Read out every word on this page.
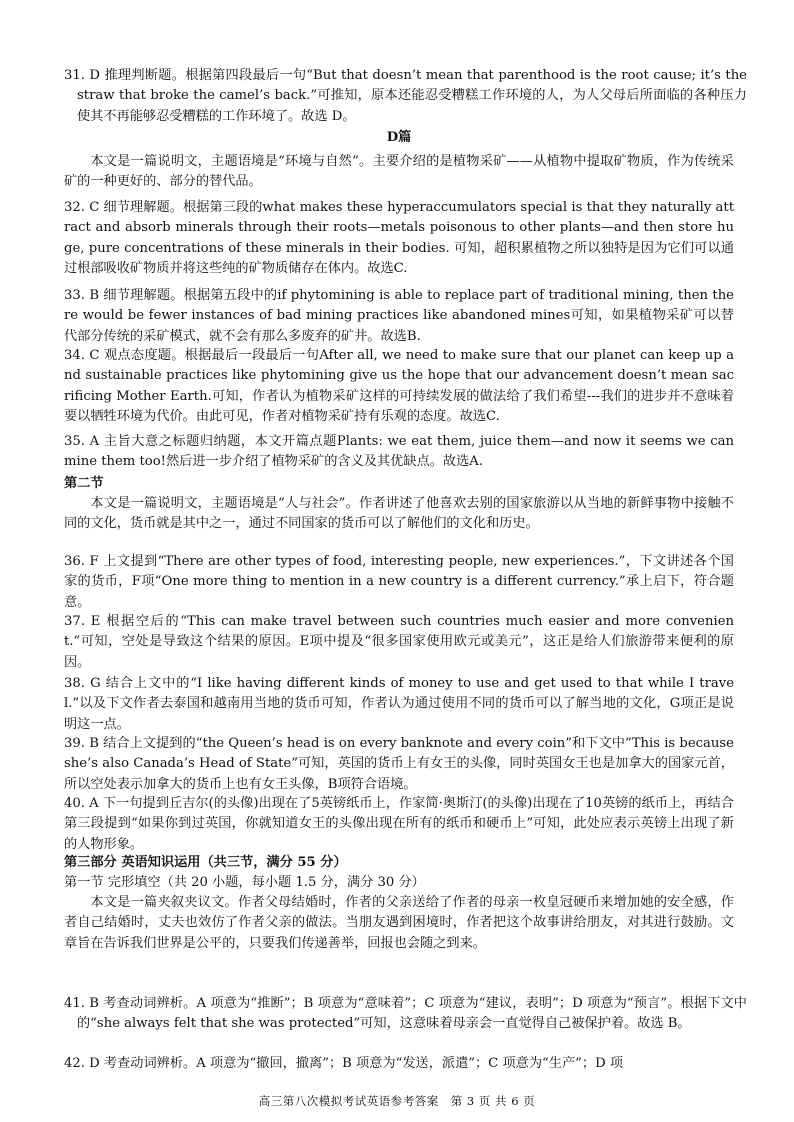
31. D 推理判断题。根据第四段最后一句“But that doesn’t mean that parenthood is the root cause; it’s the straw that broke the camel’s back.”可推知，原本还能忍受糟糕工作环境的人，为人父母后所面临的各种压力使其不再能够忍受糟糕的工作环境了。故选 D。

D篇

本文是一篇说明文，主题语境是“环境与自然”。主要介绍的是植物采矿——从植物中提取矿物质，作为传统采矿的一种更好的、部分的替代品。

32. C 细节理解题。根据第三段的what makes these hyperaccumulators special is that they naturally attract and absorb minerals through their roots—metals poisonous to other plants—and then store huge, pure concentrations of these minerals in their bodies. 可知，超积累植物之所以独特是因为它们可以通过根部吸收矿物质并将这些纯的矿物质储存在体内。故选C.

33. B 细节理解题。根据第五段中的if phytomining is able to replace part of traditional mining, then there would be fewer instances of bad mining practices like abandoned mines可知，如果植物采矿可以替代部分传统的采矿模式，就不会有那么多废弃的矿井。故选B.

34. C 观点态度题。根据最后一段最后一句After all, we need to make sure that our planet can keep up and sustainable practices like phytomining give us the hope that our advancement doesn’t mean sacrificing Mother Earth.可知，作者认为植物采矿这样的可持续发展的做法给了我们希望---我们的进步并不意味着要以牺牲环境为代价。由此可见，作者对植物采矿持有乐观的态度。故选C.

35. A 主旨大意之标题归纳题，本文开篇点题Plants: we eat them, juice them—and now it seems we can mine them too!然后进一步介绍了植物采矿的含义及其优缺点。故选A.

第二节

本文是一篇说明文，主题语境是“人与社会”。作者讲述了他喜欢去别的国家旅游以从当地的新鲜事物中接触不同的文化，货币就是其中之一，通过不同国家的货币可以了解他们的文化和历史。

36. F 上文提到“There are other types of food, interesting people, new experiences.”，下文讲述各个国家的货币，F项“One more thing to mention in a new country is a different currency.”承上启下，符合题意。

37. E 根据空后的“This can make travel between such countries much easier and more convenient.”可知，空处是导致这个结果的原因。E项中提及“很多国家使用欧元或美元”，这正是给人们旅游带来便利的原因。

38. G 结合上文中的“I like having different kinds of money to use and get used to that while I travel.”以及下文作者去泰国和越南用当地的货币可知，作者认为通过使用不同的货币可以了解当地的文化，G项正是说明这一点。

39. B 结合上文提到的“the Queen’s head is on every banknote and every coin”和下文中“This is because she’s also Canada’s Head of State”可知，英国的货币上有女王的头像，同时英国女王也是加拿大的国家元首，所以空处表示加拿大的货币上也有女王头像，B项符合语境。

40. A 下一句提到丘吉尔(的头像)出现在了5英镑纸币上，作家简·奥斯汀(的头像)出现在了10英镑的纸币上，再结合第三段提到“如果你到过英国，你就知道女王的头像出现在所有的纸币和硬币上”可知，此处应表示英镑上出现了新的人物形象。

第三部分 英语知识运用（共三节，满分 55 分）

第一节 完形填空（共 20 小题，每小题 1.5 分，满分 30 分）

本文是一篇夹叙夹议文。作者父母结婚时，作者的父亲送给了作者的母亲一枚皇冠硬币来增加她的安全感，作者自己结婚时，丈夫也效仿了作者父亲的做法。当朋友遇到困境时，作者把这个故事讲给朋友，对其进行鼓励。文章旨在告诉我们世界是公平的，只要我们传递善举，回报也会随之到来。

41. B 考查动词辨析。A 项意为“推断”；B 项意为“意味着”；C 项意为“建议，表明”；D 项意为“预言”。根据下文中的“she always felt that she was protected”可知，这意味着母亲会一直觉得自己被保护着。故选 B。

42. D 考查动词辨析。A 项意为“撤回，撤离”；B 项意为“发送，派遣”；C 项意为“生产”；D 项

高三第八次模拟考试英语参考答案　第 3 页 共 6 页
